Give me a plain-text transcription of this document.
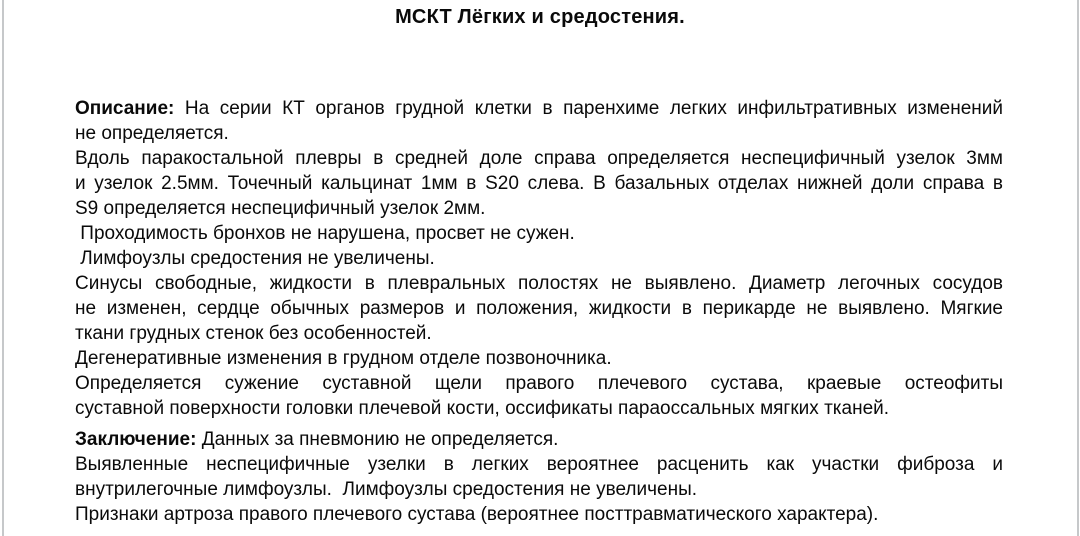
МСКТ Лёгких и средостения.
Описание: На серии КТ органов грудной клетки в паренхиме легких инфильтративных изменений
не определяется.
Вдоль паракостальной плевры в средней доле справа определяется неспецифичный узелок 3мм
и узелок 2.5мм. Точечный кальцинат 1мм в S20 слева. В базальных отделах нижней доли справа в
S9 определяется неспецифичный узелок 2мм.
Проходимость бронхов не нарушена, просвет не сужен.
Лимфоузлы средостения не увеличены.
Синусы свободные, жидкости в плевральных полостях не выявлено. Диаметр легочных сосудов
не изменен, сердце обычных размеров и положения, жидкости в перикарде не выявлено. Мягкие
ткани грудных стенок без особенностей.
Дегенеративные изменения в грудном отделе позвоночника.
Определяется сужение суставной щели правого плечевого сустава, краевые остеофиты
суставной поверхности головки плечевой кости, оссификаты параоссальных мягких тканей.
Заключение: Данных за пневмонию не определяется.
Выявленные неспецифичные узелки в легких вероятнее расценить как участки фиброза и
внутрилегочные лимфоузлы.  Лимфоузлы средостения не увеличены.
Признаки артроза правого плечевого сустава (вероятнее посттравматического характера).
